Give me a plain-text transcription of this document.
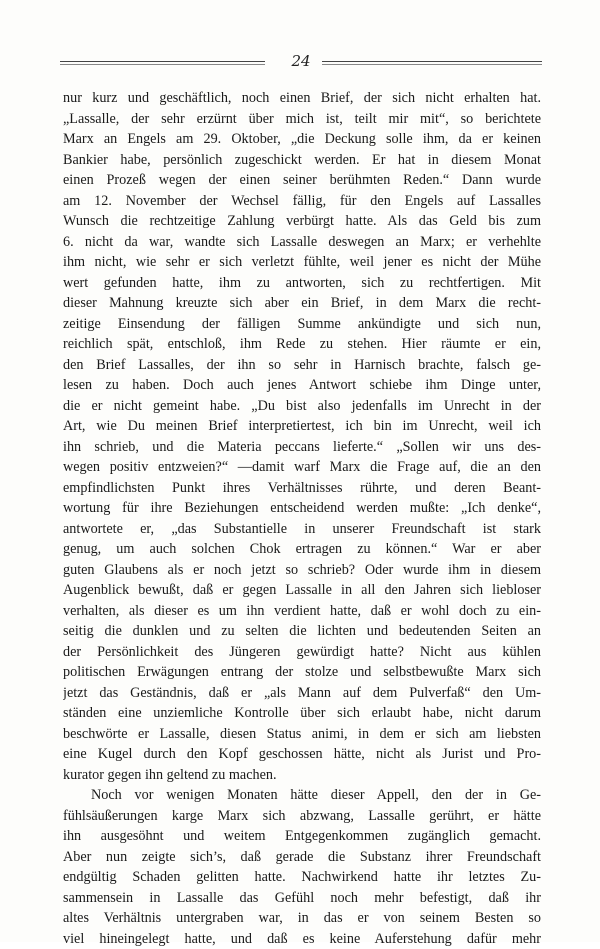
24
nur kurz und geschäftlich, noch einen Brief, der sich nicht erhalten hat.
„Lassalle, der sehr erzürnt über mich ist, teilt mir mit“, so berichtete
Marx an Engels am 29. Oktober, „die Deckung solle ihm, da er keinen
Bankier habe, persönlich zugeschickt werden. Er hat in diesem Monat
einen Prozeß wegen der einen seiner berühmten Reden.“ Dann wurde
am 12. November der Wechsel fällig, für den Engels auf Lassalles
Wunsch die rechtzeitige Zahlung verbürgt hatte. Als das Geld bis zum
6. nicht da war, wandte sich Lassalle deswegen an Marx; er verhehlte
ihm nicht, wie sehr er sich verletzt fühlte, weil jener es nicht der Mühe
wert gefunden hatte, ihm zu antworten, sich zu rechtfertigen. Mit
dieser Mahnung kreuzte sich aber ein Brief, in dem Marx die recht-
zeitige Einsendung der fälligen Summe ankündigte und sich nun,
reichlich spät, entschloß, ihm Rede zu stehen. Hier räumte er ein,
den Brief Lassalles, der ihn so sehr in Harnisch brachte, falsch ge-
lesen zu haben. Doch auch jenes Antwort schiebe ihm Dinge unter,
die er nicht gemeint habe. „Du bist also jedenfalls im Unrecht in der
Art, wie Du meinen Brief interpretiertest, ich bin im Unrecht, weil ich
ihn schrieb, und die Materia peccans lieferte.“ „Sollen wir uns des-
wegen positiv entzweien?“ —damit warf Marx die Frage auf, die an den
empfindlichsten Punkt ihres Verhältnisses rührte, und deren Beant-
wortung für ihre Beziehungen entscheidend werden mußte: „Ich denke“,
antwortete er, „das Substantielle in unserer Freundschaft ist stark
genug, um auch solchen Chok ertragen zu können.“ War er aber
guten Glaubens als er noch jetzt so schrieb? Oder wurde ihm in diesem
Augenblick bewußt, daß er gegen Lassalle in all den Jahren sich liebloser
verhalten, als dieser es um ihn verdient hatte, daß er wohl doch zu ein-
seitig die dunklen und zu selten die lichten und bedeutenden Seiten an
der Persönlichkeit des Jüngeren gewürdigt hatte? Nicht aus kühlen
politischen Erwägungen entrang der stolze und selbstbewußte Marx sich
jetzt das Geständnis, daß er „als Mann auf dem Pulverfaß“ den Um-
ständen eine unziemliche Kontrolle über sich erlaubt habe, nicht darum
beschwörte er Lassalle, diesen Status animi, in dem er sich am liebsten
eine Kugel durch den Kopf geschossen hätte, nicht als Jurist und Pro-
kurator gegen ihn geltend zu machen.
Noch vor wenigen Monaten hätte dieser Appell, den der in Ge-
fühlsäußerungen karge Marx sich abzwang, Lassalle gerührt, er hätte
ihn ausgesöhnt und weitem Entgegenkommen zugänglich gemacht.
Aber nun zeigte sich’s, daß gerade die Substanz ihrer Freundschaft
endgültig Schaden gelitten hatte. Nachwirkend hatte ihr letztes Zu-
sammensein in Lassalle das Gefühl noch mehr befestigt, daß ihr
altes Verhältnis untergraben war, in das er von seinem Besten so
viel hineingelegt hatte, und daß es keine Auferstehung dafür mehr
